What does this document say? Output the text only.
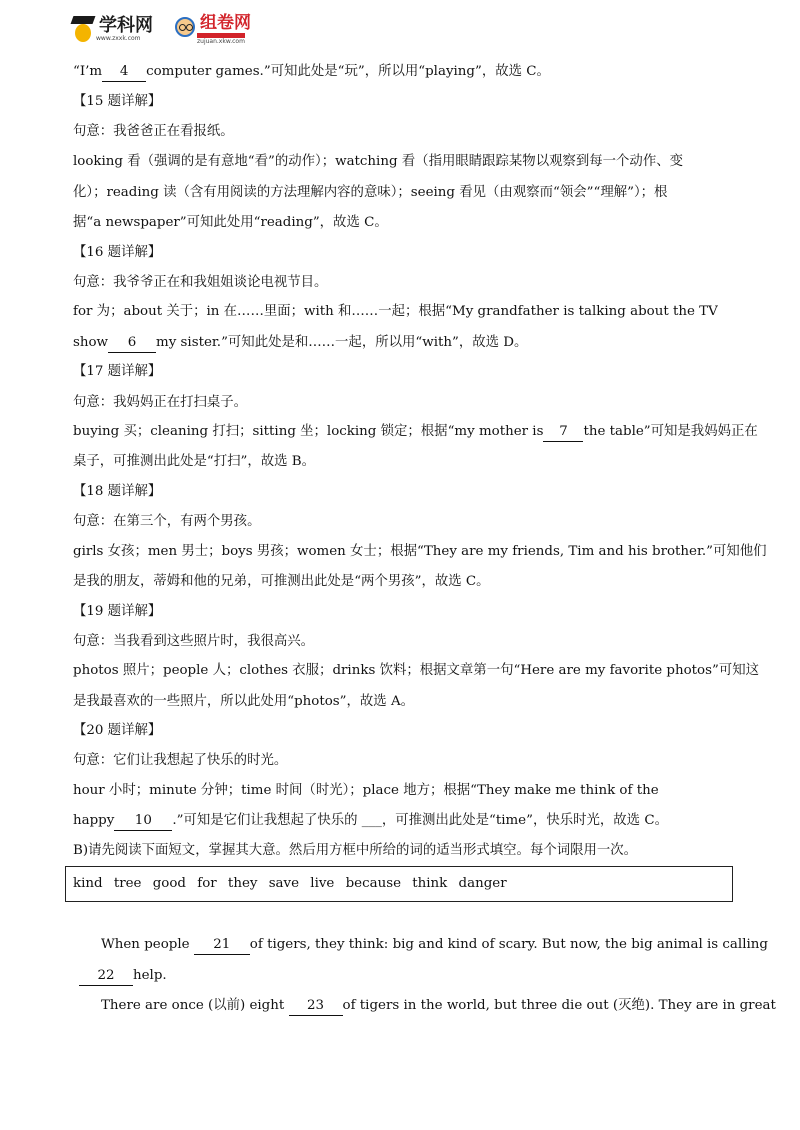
学科网
www.zxxk.com
组卷网
zujuan.xkw.com
“I’m 4 computer games.”可知此处是“玩”，所以用“playing”，故选 C。
【15 题详解】
句意：我爸爸正在看报纸。
looking 看（强调的是有意地“看”的动作）；watching 看（指用眼睛跟踪某物以观察到每一个动作、变
化）；reading 读（含有用阅读的方法理解内容的意味）；seeing 看见（由观察而“领会”“理解”）；根
据“a newspaper”可知此处用“reading”，故选 C。
【16 题详解】
句意：我爷爷正在和我姐姐谈论电视节目。
for 为；about 关于；in 在……里面；with 和……一起；根据“My grandfather is talking about the TV
show 6 my sister.”可知此处是和……一起，所以用“with”，故选 D。
【17 题详解】
句意：我妈妈正在打扫桌子。
buying 买；cleaning 打扫；sitting 坐；locking 锁定；根据“my mother is 7 the table”可知是我妈妈正在
桌子，可推测出此处是“打扫”，故选 B。
【18 题详解】
句意：在第三个，有两个男孩。
girls 女孩；men 男士；boys 男孩；women 女士；根据“They are my friends, Tim and his brother.”可知他们
是我的朋友，蒂姆和他的兄弟，可推测出此处是“两个男孩”，故选 C。
【19 题详解】
句意：当我看到这些照片时，我很高兴。
photos 照片；people 人；clothes 衣服；drinks 饮料；根据文章第一句“Here are my favorite photos”可知这
是我最喜欢的一些照片，所以此处用“photos”，故选 A。
【20 题详解】
句意：它们让我想起了快乐的时光。
hour 小时；minute 分钟；time 时间（时光）；place 地方；根据“They make me think of the
happy 10 .”可知是它们让我想起了快乐的 ___，可推测出此处是“time”，快乐时光，故选 C。
B)请先阅读下面短文，掌握其大意。然后用方框中所给的词的适当形式填空。每个词限用一次。
kind tree good for they save live because think danger
When people 21 of tigers, they think: big and kind of scary. But now, the big animal is calling
22 help.
There are once (以前) eight 23 of tigers in the world, but three die out (灭绝). They are in great
